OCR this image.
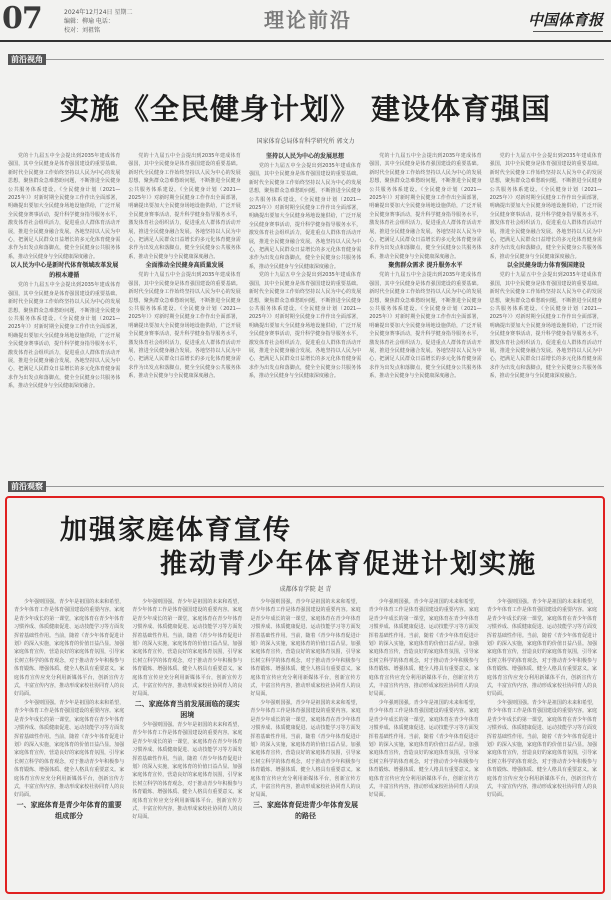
07	2024年12月24日 星期二
编辑：柳瑜 电话：
校对：刘祖铭	理论前沿	中国体育报
前沿视角
实施《全民健身计划》 建设体育强国
国家体育总局体育科学研究所 郭文力

党的十九届五中全会提出到2035年建成体育强国，其中全民健身是体育强国建设的重要基础。新时代全民健身工作始终坚持以人民为中心的发展思想，聚焦群众急难愁盼问题，不断推进全民健身公共服务体系建设。《全民健身计划（2021—2025年）》对新时期全民健身工作作出全面部署，明确提出要加大全民健身场地设施供给，广泛开展全民健身赛事活动，提升科学健身指导服务水平，激发体育社会组织活力，促进重点人群体育活动开展，推进全民健身融合发展。各地坚持以人民为中心，把满足人民群众日益增长的多元化体育健身需求作为出发点和落脚点，健全全民健身公共服务体系，推动全民健身与全民健康深度融合。

以人民为中心是新时代体育领域改革发展的根本遵循

党的十九届五中全会提出到2035年建成体育强国，其中全民健身是体育强国建设的重要基础。新时代全民健身工作始终坚持以人民为中心的发展思想，聚焦群众急难愁盼问题，不断推进全民健身公共服务体系建设。《全民健身计划（2021—2025年）》对新时期全民健身工作作出全面部署，明确提出要加大全民健身场地设施供给，广泛开展全民健身赛事活动，提升科学健身指导服务水平，激发体育社会组织活力，促进重点人群体育活动开展，推进全民健身融合发展。各地坚持以人民为中心，把满足人民群众日益增长的多元化体育健身需求作为出发点和落脚点，健全全民健身公共服务体系，推动全民健身与全民健康深度融合。

党的十九届五中全会提出到2035年建成体育强国，其中全民健身是体育强国建设的重要基础。新时代全民健身工作始终坚持以人民为中心的发展思想，聚焦群众急难愁盼问题，不断推进全民健身公共服务体系建设。《全民健身计划（2021—2025年）》对新时期全民健身工作作出全面部署，明确提出要加大全民健身场地设施供给，广泛开展全民健身赛事活动，提升科学健身指导服务水平，激发体育社会组织活力，促进重点人群体育活动开展，推进全民健身融合发展。各地坚持以人民为中心，把满足人民群众日益增长的多元化体育健身需求作为出发点和落脚点，健全全民健身公共服务体系，推动全民健身与全民健康深度融合。

全面推动全民健身高质量发展

党的十九届五中全会提出到2035年建成体育强国，其中全民健身是体育强国建设的重要基础。新时代全民健身工作始终坚持以人民为中心的发展思想，聚焦群众急难愁盼问题，不断推进全民健身公共服务体系建设。《全民健身计划（2021—2025年）》对新时期全民健身工作作出全面部署，明确提出要加大全民健身场地设施供给，广泛开展全民健身赛事活动，提升科学健身指导服务水平，激发体育社会组织活力，促进重点人群体育活动开展，推进全民健身融合发展。各地坚持以人民为中心，把满足人民群众日益增长的多元化体育健身需求作为出发点和落脚点，健全全民健身公共服务体系，推动全民健身与全民健康深度融合。

坚持以人民为中心的发展思想

党的十九届五中全会提出到2035年建成体育强国，其中全民健身是体育强国建设的重要基础。新时代全民健身工作始终坚持以人民为中心的发展思想，聚焦群众急难愁盼问题，不断推进全民健身公共服务体系建设。《全民健身计划（2021—2025年）》对新时期全民健身工作作出全面部署，明确提出要加大全民健身场地设施供给，广泛开展全民健身赛事活动，提升科学健身指导服务水平，激发体育社会组织活力，促进重点人群体育活动开展，推进全民健身融合发展。各地坚持以人民为中心，把满足人民群众日益增长的多元化体育健身需求作为出发点和落脚点，健全全民健身公共服务体系，推动全民健身与全民健康深度融合。

党的十九届五中全会提出到2035年建成体育强国，其中全民健身是体育强国建设的重要基础。新时代全民健身工作始终坚持以人民为中心的发展思想，聚焦群众急难愁盼问题，不断推进全民健身公共服务体系建设。《全民健身计划（2021—2025年）》对新时期全民健身工作作出全面部署，明确提出要加大全民健身场地设施供给，广泛开展全民健身赛事活动，提升科学健身指导服务水平，激发体育社会组织活力，促进重点人群体育活动开展，推进全民健身融合发展。各地坚持以人民为中心，把满足人民群众日益增长的多元化体育健身需求作为出发点和落脚点，健全全民健身公共服务体系，推动全民健身与全民健康深度融合。

党的十九届五中全会提出到2035年建成体育强国，其中全民健身是体育强国建设的重要基础。新时代全民健身工作始终坚持以人民为中心的发展思想，聚焦群众急难愁盼问题，不断推进全民健身公共服务体系建设。《全民健身计划（2021—2025年）》对新时期全民健身工作作出全面部署，明确提出要加大全民健身场地设施供给，广泛开展全民健身赛事活动，提升科学健身指导服务水平，激发体育社会组织活力，促进重点人群体育活动开展，推进全民健身融合发展。各地坚持以人民为中心，把满足人民群众日益增长的多元化体育健身需求作为出发点和落脚点，健全全民健身公共服务体系，推动全民健身与全民健康深度融合。

聚焦群众需求 提升服务水平

党的十九届五中全会提出到2035年建成体育强国，其中全民健身是体育强国建设的重要基础。新时代全民健身工作始终坚持以人民为中心的发展思想，聚焦群众急难愁盼问题，不断推进全民健身公共服务体系建设。《全民健身计划（2021—2025年）》对新时期全民健身工作作出全面部署，明确提出要加大全民健身场地设施供给，广泛开展全民健身赛事活动，提升科学健身指导服务水平，激发体育社会组织活力，促进重点人群体育活动开展，推进全民健身融合发展。各地坚持以人民为中心，把满足人民群众日益增长的多元化体育健身需求作为出发点和落脚点，健全全民健身公共服务体系，推动全民健身与全民健康深度融合。

党的十九届五中全会提出到2035年建成体育强国，其中全民健身是体育强国建设的重要基础。新时代全民健身工作始终坚持以人民为中心的发展思想，聚焦群众急难愁盼问题，不断推进全民健身公共服务体系建设。《全民健身计划（2021—2025年）》对新时期全民健身工作作出全面部署，明确提出要加大全民健身场地设施供给，广泛开展全民健身赛事活动，提升科学健身指导服务水平，激发体育社会组织活力，促进重点人群体育活动开展，推进全民健身融合发展。各地坚持以人民为中心，把满足人民群众日益增长的多元化体育健身需求作为出发点和落脚点，健全全民健身公共服务体系，推动全民健身与全民健康深度融合。

以全民健身助力体育强国建设

党的十九届五中全会提出到2035年建成体育强国，其中全民健身是体育强国建设的重要基础。新时代全民健身工作始终坚持以人民为中心的发展思想，聚焦群众急难愁盼问题，不断推进全民健身公共服务体系建设。《全民健身计划（2021—2025年）》对新时期全民健身工作作出全面部署，明确提出要加大全民健身场地设施供给，广泛开展全民健身赛事活动，提升科学健身指导服务水平，激发体育社会组织活力，促进重点人群体育活动开展，推进全民健身融合发展。各地坚持以人民为中心，把满足人民群众日益增长的多元化体育健身需求作为出发点和落脚点，健全全民健身公共服务体系，推动全民健身与全民健康深度融合。

前沿观察
加强家庭体育宣传
推动青少年体育促进计划实施
成都体育学院 赵 青

少年强则国强。青少年是祖国的未来和希望，青少年体育工作是体育强国建设的重要内容。家庭是青少年成长的第一课堂，家庭体育在青少年体育习惯养成、体质健康促进、运动技能学习等方面发挥着基础性作用。当前，随着《青少年体育促进计划》的深入实施，家庭体育的价值日益凸显。加强家庭体育宣传，营造良好的家庭体育氛围，引导家长树立科学的体育观念，对于推动青少年积极参与体育锻炼、增强体质、健全人格具有重要意义。家庭体育宣传应充分利用新媒体平台，创新宣传方式，丰富宣传内容，推动形成家校社协同育人的良好局面。

少年强则国强。青少年是祖国的未来和希望，青少年体育工作是体育强国建设的重要内容。家庭是青少年成长的第一课堂，家庭体育在青少年体育习惯养成、体质健康促进、运动技能学习等方面发挥着基础性作用。当前，随着《青少年体育促进计划》的深入实施，家庭体育的价值日益凸显。加强家庭体育宣传，营造良好的家庭体育氛围，引导家长树立科学的体育观念，对于推动青少年积极参与体育锻炼、增强体质、健全人格具有重要意义。家庭体育宣传应充分利用新媒体平台，创新宣传方式，丰富宣传内容，推动形成家校社协同育人的良好局面。

一、家庭体育是青少年体育的重要组成部分

少年强则国强。青少年是祖国的未来和希望，青少年体育工作是体育强国建设的重要内容。家庭是青少年成长的第一课堂，家庭体育在青少年体育习惯养成、体质健康促进、运动技能学习等方面发挥着基础性作用。当前，随着《青少年体育促进计划》的深入实施，家庭体育的价值日益凸显。加强家庭体育宣传，营造良好的家庭体育氛围，引导家长树立科学的体育观念，对于推动青少年积极参与体育锻炼、增强体质、健全人格具有重要意义。家庭体育宣传应充分利用新媒体平台，创新宣传方式，丰富宣传内容，推动形成家校社协同育人的良好局面。

二、家庭体育当前发展面临的现实困境

少年强则国强。青少年是祖国的未来和希望，青少年体育工作是体育强国建设的重要内容。家庭是青少年成长的第一课堂，家庭体育在青少年体育习惯养成、体质健康促进、运动技能学习等方面发挥着基础性作用。当前，随着《青少年体育促进计划》的深入实施，家庭体育的价值日益凸显。加强家庭体育宣传，营造良好的家庭体育氛围，引导家长树立科学的体育观念，对于推动青少年积极参与体育锻炼、增强体质、健全人格具有重要意义。家庭体育宣传应充分利用新媒体平台，创新宣传方式，丰富宣传内容，推动形成家校社协同育人的良好局面。

少年强则国强。青少年是祖国的未来和希望，青少年体育工作是体育强国建设的重要内容。家庭是青少年成长的第一课堂，家庭体育在青少年体育习惯养成、体质健康促进、运动技能学习等方面发挥着基础性作用。当前，随着《青少年体育促进计划》的深入实施，家庭体育的价值日益凸显。加强家庭体育宣传，营造良好的家庭体育氛围，引导家长树立科学的体育观念，对于推动青少年积极参与体育锻炼、增强体质、健全人格具有重要意义。家庭体育宣传应充分利用新媒体平台，创新宣传方式，丰富宣传内容，推动形成家校社协同育人的良好局面。

少年强则国强。青少年是祖国的未来和希望，青少年体育工作是体育强国建设的重要内容。家庭是青少年成长的第一课堂，家庭体育在青少年体育习惯养成、体质健康促进、运动技能学习等方面发挥着基础性作用。当前，随着《青少年体育促进计划》的深入实施，家庭体育的价值日益凸显。加强家庭体育宣传，营造良好的家庭体育氛围，引导家长树立科学的体育观念，对于推动青少年积极参与体育锻炼、增强体质、健全人格具有重要意义。家庭体育宣传应充分利用新媒体平台，创新宣传方式，丰富宣传内容，推动形成家校社协同育人的良好局面。

三、家庭体育促进青少年体育发展的路径

少年强则国强。青少年是祖国的未来和希望，青少年体育工作是体育强国建设的重要内容。家庭是青少年成长的第一课堂，家庭体育在青少年体育习惯养成、体质健康促进、运动技能学习等方面发挥着基础性作用。当前，随着《青少年体育促进计划》的深入实施，家庭体育的价值日益凸显。加强家庭体育宣传，营造良好的家庭体育氛围，引导家长树立科学的体育观念，对于推动青少年积极参与体育锻炼、增强体质、健全人格具有重要意义。家庭体育宣传应充分利用新媒体平台，创新宣传方式，丰富宣传内容，推动形成家校社协同育人的良好局面。

少年强则国强。青少年是祖国的未来和希望，青少年体育工作是体育强国建设的重要内容。家庭是青少年成长的第一课堂，家庭体育在青少年体育习惯养成、体质健康促进、运动技能学习等方面发挥着基础性作用。当前，随着《青少年体育促进计划》的深入实施，家庭体育的价值日益凸显。加强家庭体育宣传，营造良好的家庭体育氛围，引导家长树立科学的体育观念，对于推动青少年积极参与体育锻炼、增强体质、健全人格具有重要意义。家庭体育宣传应充分利用新媒体平台，创新宣传方式，丰富宣传内容，推动形成家校社协同育人的良好局面。

少年强则国强。青少年是祖国的未来和希望，青少年体育工作是体育强国建设的重要内容。家庭是青少年成长的第一课堂，家庭体育在青少年体育习惯养成、体质健康促进、运动技能学习等方面发挥着基础性作用。当前，随着《青少年体育促进计划》的深入实施，家庭体育的价值日益凸显。加强家庭体育宣传，营造良好的家庭体育氛围，引导家长树立科学的体育观念，对于推动青少年积极参与体育锻炼、增强体质、健全人格具有重要意义。家庭体育宣传应充分利用新媒体平台，创新宣传方式，丰富宣传内容，推动形成家校社协同育人的良好局面。

少年强则国强。青少年是祖国的未来和希望，青少年体育工作是体育强国建设的重要内容。家庭是青少年成长的第一课堂，家庭体育在青少年体育习惯养成、体质健康促进、运动技能学习等方面发挥着基础性作用。当前，随着《青少年体育促进计划》的深入实施，家庭体育的价值日益凸显。加强家庭体育宣传，营造良好的家庭体育氛围，引导家长树立科学的体育观念，对于推动青少年积极参与体育锻炼、增强体质、健全人格具有重要意义。家庭体育宣传应充分利用新媒体平台，创新宣传方式，丰富宣传内容，推动形成家校社协同育人的良好局面。
